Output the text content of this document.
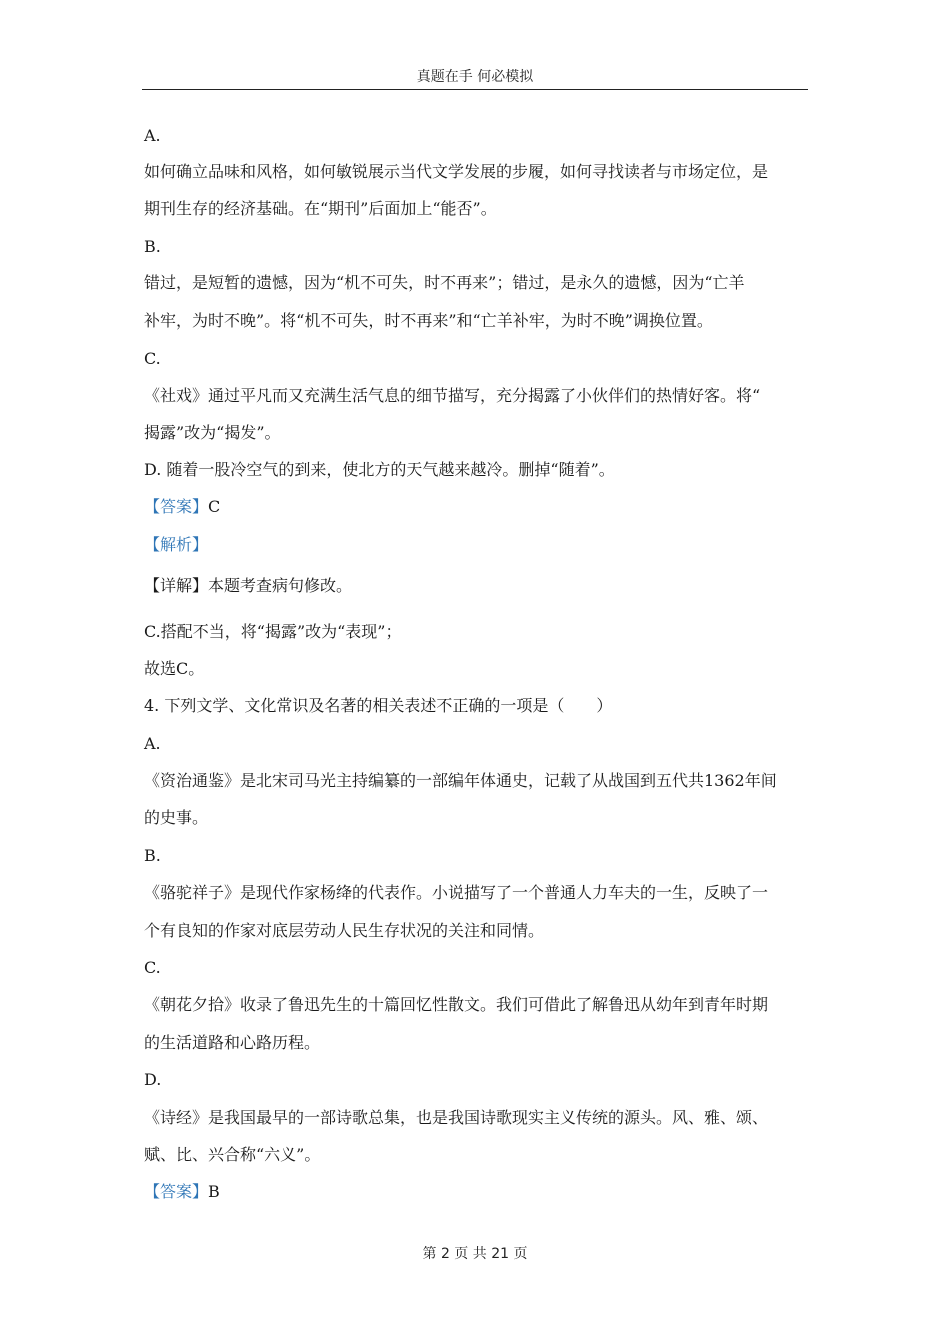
真题在手 何必模拟
A.
如何确立品味和风格，如何敏锐展示当代文学发展的步履，如何寻找读者与市场定位，是
期刊生存的经济基础。在“期刊”后面加上“能否”。
B.
错过，是短暂的遗憾，因为“机不可失，时不再来”；错过，是永久的遗憾，因为“亡羊
补牢，为时不晚”。将“机不可失，时不再来”和“亡羊补牢，为时不晚”调换位置。
C.
《社戏》通过平凡而又充满生活气息的细节描写，充分揭露了小伙伴们的热情好客。将“
揭露”改为“揭发”。
D. 随着一股冷空气的到来，使北方的天气越来越冷。删掉“随着”。
【答案】C
【解析】
【详解】本题考查病句修改。
C.搭配不当，将“揭露”改为“表现”；
故选C。
4. 下列文学、文化常识及名著的相关表述不正确的一项是（　　）
A.
《资治通鉴》是北宋司马光主持编纂的一部编年体通史，记载了从战国到五代共1362年间
的史事。
B.
《骆驼祥子》是现代作家杨绛的代表作。小说描写了一个普通人力车夫的一生，反映了一
个有良知的作家对底层劳动人民生存状况的关注和同情。
C.
《朝花夕拾》收录了鲁迅先生的十篇回忆性散文。我们可借此了解鲁迅从幼年到青年时期
的生活道路和心路历程。
D.
《诗经》是我国最早的一部诗歌总集，也是我国诗歌现实主义传统的源头。风、雅、颂、
赋、比、兴合称“六义”。
【答案】B
第 2 页 共 21 页
